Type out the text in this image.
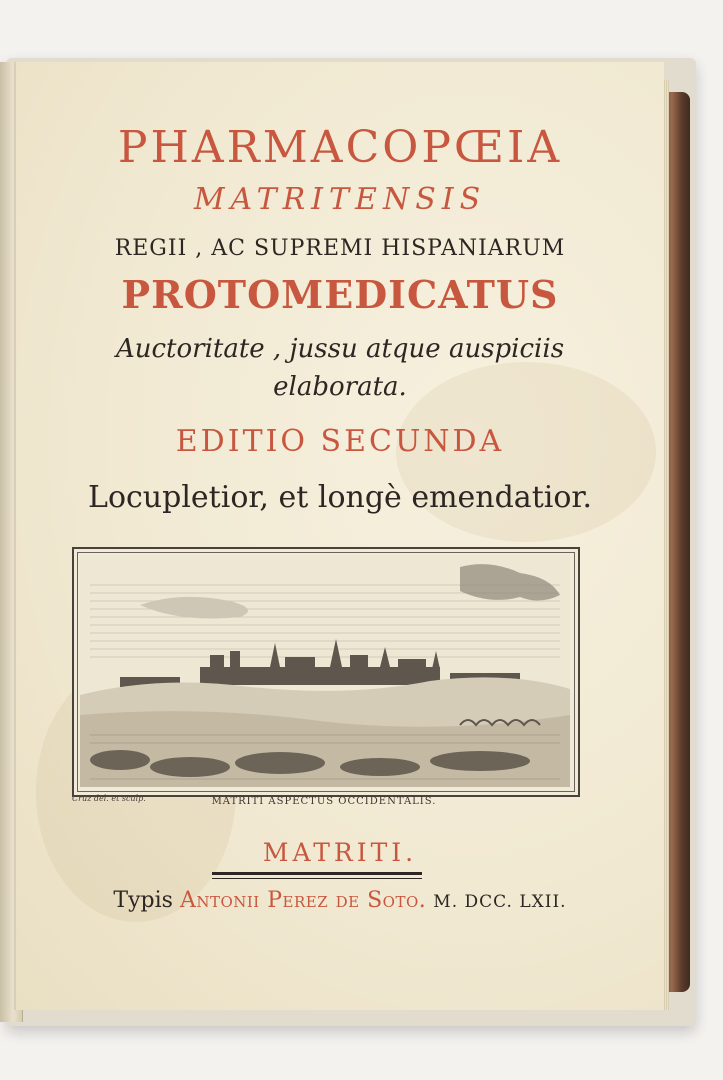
PHARMACOPŒIA
MATRITENSIS
REGII , AC SUPREMI HISPANIARUM
PROTOMEDICATUS
Auctoritate , jussu atque auspiciis
elaborata.
EDITIO SECUNDA
Locupletior, et longè emendatior.
Cruz del. et sculp.	MATRITI ASPECTUS OCCIDENTALIS.
MATRITI.
Typis Antonii Perez de Soto. M. DCC. LXII.
